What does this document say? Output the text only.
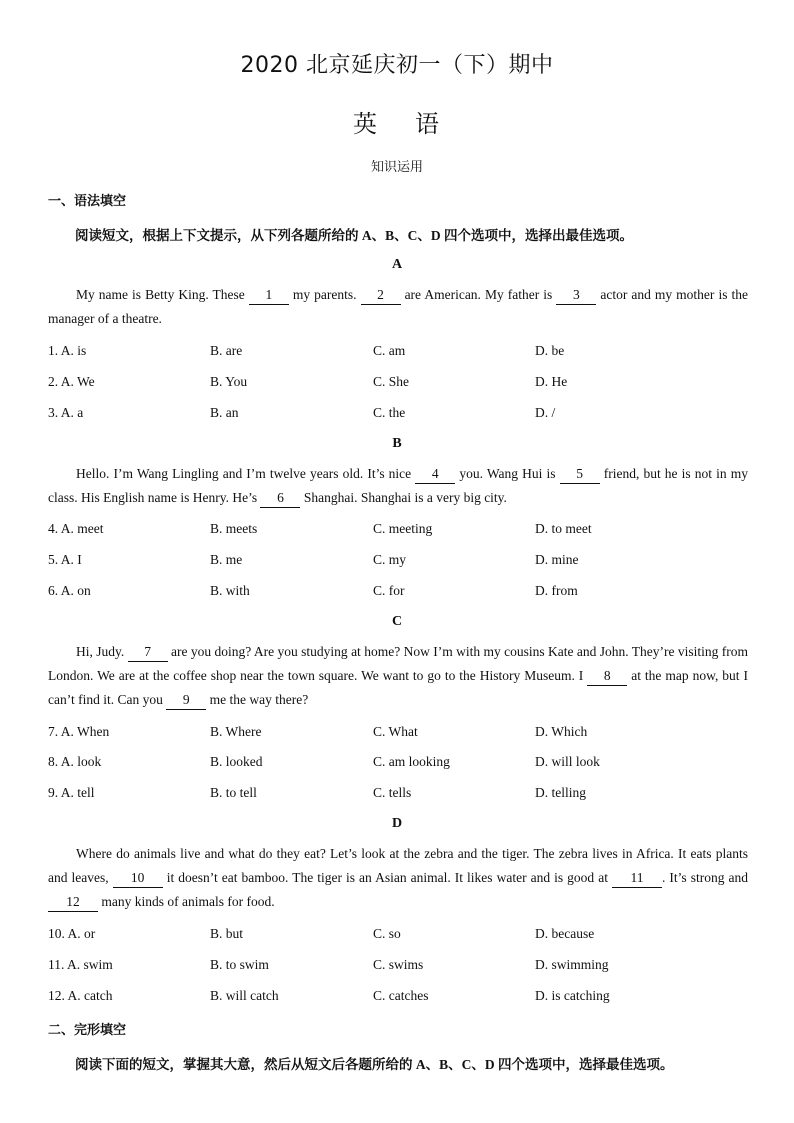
2020 北京延庆初一（下）期中
英 语
知识运用
一、语法填空
阅读短文，根据上下文提示，从下列各题所给的 A、B、C、D 四个选项中，选择出最佳选项。
A
My name is Betty King. These 1 my parents. 2 are American. My father is 3 actor and my mother is the manager of a theatre.
1. A. is	B. are	C. am	D. be
2. A. We	B. You	C. She	D. He
3. A. a	B. an	C. the	D. /
B
Hello. I’m Wang Lingling and I’m twelve years old. It’s nice 4 you. Wang Hui is 5 friend, but he is not in my class. His English name is Henry. He’s 6 Shanghai. Shanghai is a very big city.
4. A. meet	B. meets	C. meeting	D. to meet
5. A. I	B. me	C. my	D. mine
6. A. on	B. with	C. for	D. from
C
Hi, Judy. 7 are you doing? Are you studying at home? Now I’m with my cousins Kate and John. They’re visiting from London. We are at the coffee shop near the town square. We want to go to the History Museum. I 8 at the map now, but I can’t find it. Can you 9 me the way there?
7. A. When	B. Where	C. What	D. Which
8. A. look	B. looked	C. am looking	D. will look
9. A. tell	B. to tell	C. tells	D. telling
D
Where do animals live and what do they eat? Let’s look at the zebra and the tiger. The zebra lives in Africa. It eats plants and leaves, 10 it doesn’t eat bamboo. The tiger is an Asian animal. It likes water and is good at 11 . It’s strong and 12 many kinds of animals for food.
10. A. or	B. but	C. so	D. because
11. A. swim	B. to swim	C. swims	D. swimming
12. A. catch	B. will catch	C. catches	D. is catching
二、完形填空
阅读下面的短文，掌握其大意，然后从短文后各题所给的 A、B、C、D 四个选项中，选择最佳选项。
